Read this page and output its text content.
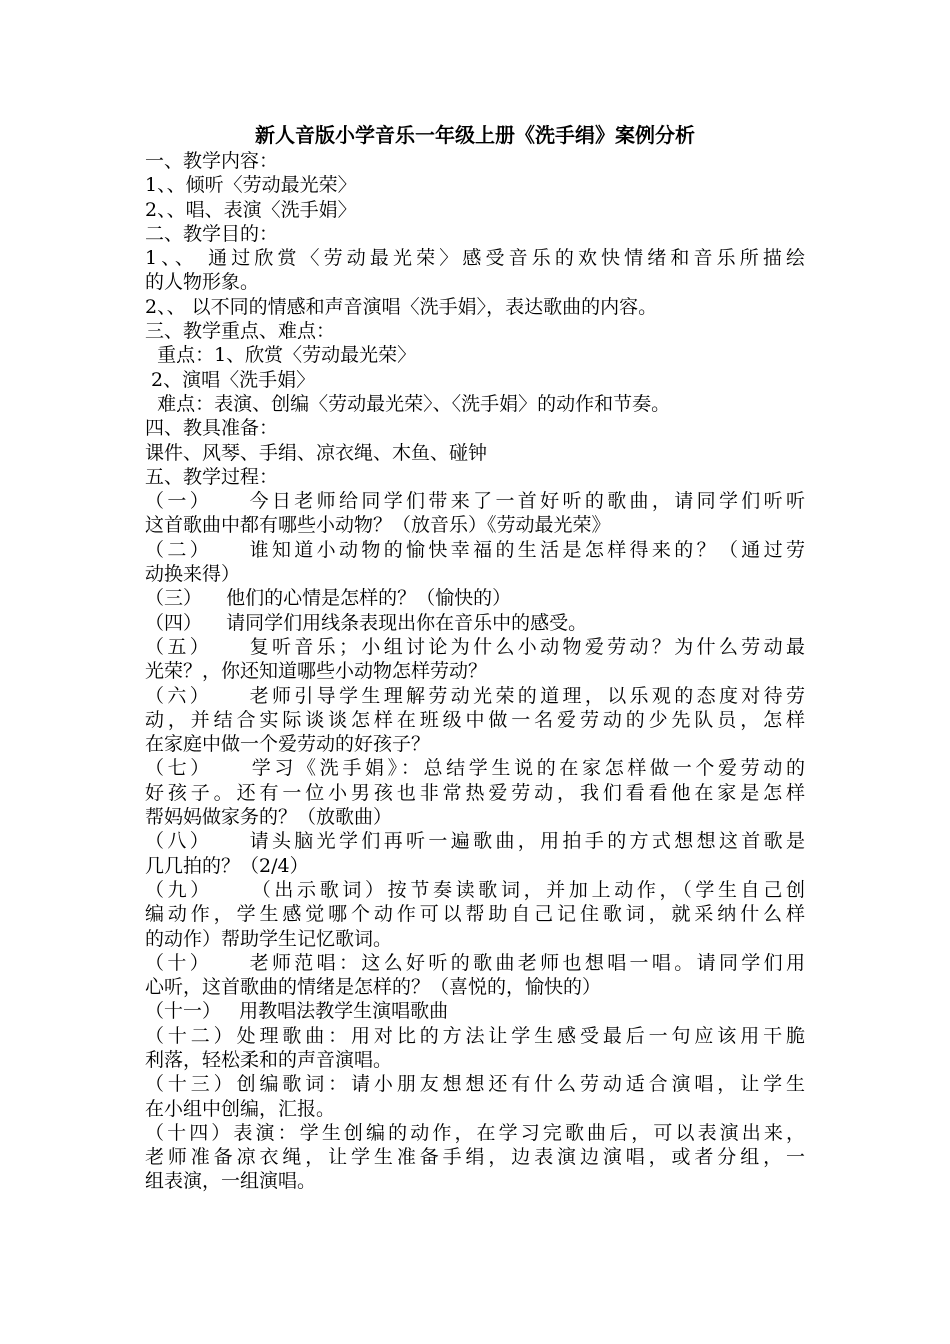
新人音版小学音乐一年级上册《洗手绢》案例分析
一、教学内容：
1、、倾听〈劳动最光荣〉
2、、唱、表演〈洗手娟〉
二、教学目的：
1、、 通过欣赏〈劳动最光荣〉感受音乐的欢快情绪和音乐所描绘
的人物形象。
2、、 以不同的情感和声音演唱〈洗手娟〉，表达歌曲的内容。
三、教学重点、难点：
重点：1、欣赏〈劳动最光荣〉
2、演唱〈洗手娟〉
难点：表演、创编〈劳动最光荣〉、〈洗手娟〉的动作和节奏。
四、教具准备：
课件、风琴、手绢、凉衣绳、木鱼、碰钟
五、教学过程：
（一）    今日老师给同学们带来了一首好听的歌曲，请同学们听听
这首歌曲中都有哪些小动物？（放音乐）《劳动最光荣》
（二）    谁知道小动物的愉快幸福的生活是怎样得来的？（通过劳
动换来得）
（三）    他们的心情是怎样的？（愉快的）
（四）    请同学们用线条表现出你在音乐中的感受。
（五）    复听音乐；小组讨论为什么小动物爱劳动？为什么劳动最
光荣？，你还知道哪些小动物怎样劳动？
（六）    老师引导学生理解劳动光荣的道理，以乐观的态度对待劳
动，并结合实际谈谈怎样在班级中做一名爱劳动的少先队员，怎样
在家庭中做一个爱劳动的好孩子？
（七）    学习《洗手娟》：总结学生说的在家怎样做一个爱劳动的
好孩子。还有一位小男孩也非常热爱劳动，我们看看他在家是怎样
帮妈妈做家务的？（放歌曲）
（八）    请头脑光学们再听一遍歌曲，用拍手的方式想想这首歌是
几几拍的？（2/4）
（九）    （出示歌词）按节奏读歌词，并加上动作，（学生自己创
编动作，学生感觉哪个动作可以帮助自己记住歌词，就采纳什么样
的动作）帮助学生记忆歌词。
（十）    老师范唱：这么好听的歌曲老师也想唱一唱。请同学们用
心听，这首歌曲的情绪是怎样的？（喜悦的，愉快的）
（十一）   用教唱法教学生演唱歌曲
（十二）处理歌曲：用对比的方法让学生感受最后一句应该用干脆
利落，轻松柔和的声音演唱。
（十三）创编歌词：请小朋友想想还有什么劳动适合演唱，让学生
在小组中创编，汇报。
（十四）表演：学生创编的动作，在学习完歌曲后，可以表演出来，
老师准备凉衣绳，让学生准备手绢，边表演边演唱，或者分组，一
组表演，一组演唱。
